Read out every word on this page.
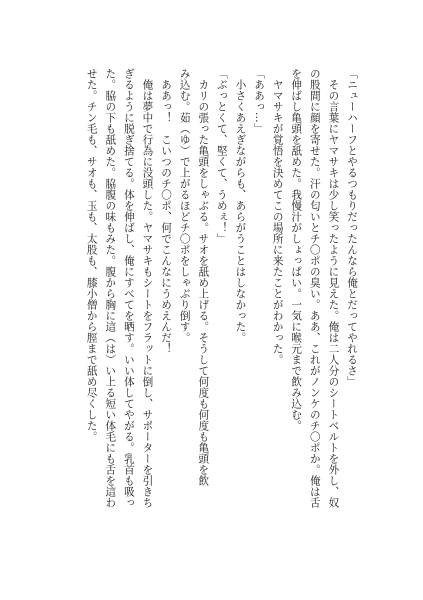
「ニューハーフとやるつもりだったんなら俺とだってやれるさ」
　その言葉にヤマサキは少し笑ったように見えた。俺は二人分のシートベルトを外し、奴
の股間に顔を寄せた。汗の匂いとチ〇ポの臭い。ああ、これがノンケのチ〇ポか。俺は舌
を伸ばし亀頭を舐めた。我慢汁がしょっぱい。一気に喉元まで飲み込む。
　ヤマサキが覚悟を決めてこの場所に来たことがわかった。
「ああっ…」
　小さくあえぎながらも、あらがうことはしなかった。
「ぶっとくて、堅くて、うめぇ！」
　カリの張った亀頭をしゃぶる。サオを舐め上げる。そうして何度も何度も亀頭を飲
み込む。茹（ゆ）で上がるほどチ〇ポをしゃぶり倒す。
　ああっ！　こいつのチ〇ポ、何でこんなにうめえんだ！
　俺は夢中で行為に没頭した。ヤマサキもシートをフラットに倒し、サポーターを引きち
ぎるように脱ぎ捨てる。体を伸ばし、俺にすべてを晒す。いい体してやがる。乳首も吸っ
た。脇の下も舐めた。脇腹の味もみた。腹から胸に這（は）い上る短い体毛にも舌を這わ
せた。チン毛も、サオも、玉も、太股も、膝小僧から脛まで舐め尽くした。
